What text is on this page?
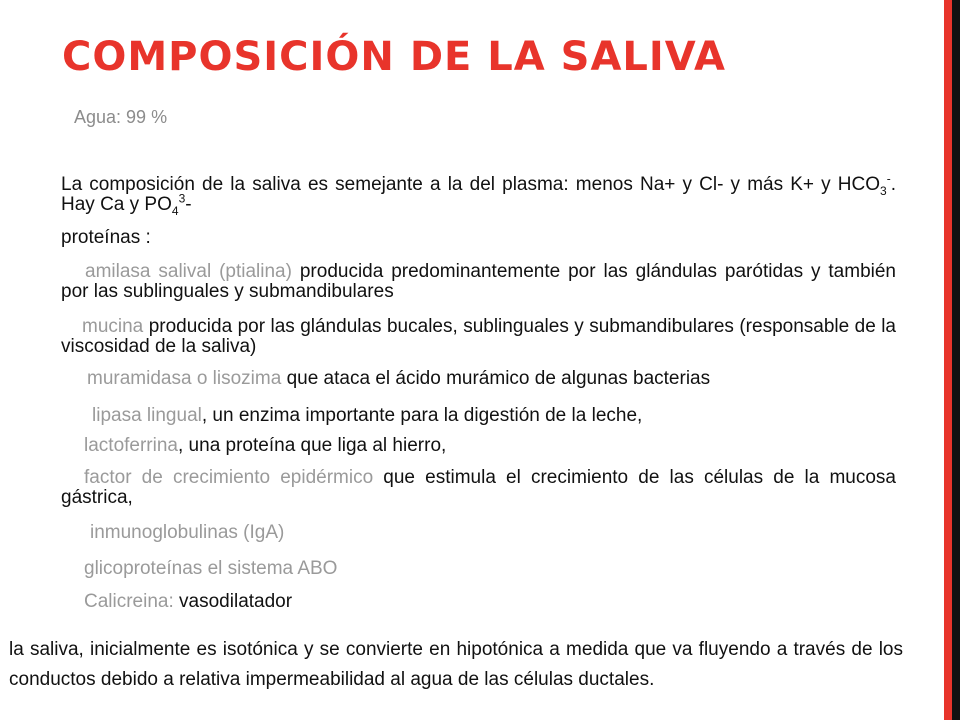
COMPOSICIÓN DE LA SALIVA

Agua: 99 %

La composición de la saliva es semejante a la del plasma: menos Na+ y Cl- y más K+ y $HCO_3^-$. Hay Ca y $PO_4^3-$

proteínas :

amilasa salival (ptialina) producida predominantemente por las glándulas parótidas y también por las sublinguales y submandibulares

mucina producida por las glándulas bucales, sublinguales y submandibulares (responsable de la viscosidad de la saliva)

muramidasa o lisozima que ataca el ácido murámico de algunas bacterias

lipasa lingual, un enzima importante para la digestión de la leche,

lactoferrina, una proteína que liga al hierro,

factor de crecimiento epidérmico que estimula el crecimiento de las células de la mucosa gástrica,

inmunoglobulinas (IgA)

glicoproteínas el sistema ABO

Calicreina: vasodilatador

la saliva, inicialmente es isotónica y se convierte en hipotónica a medida que va fluyendo a través de los conductos debido a relativa impermeabilidad al agua de las células ductales.
